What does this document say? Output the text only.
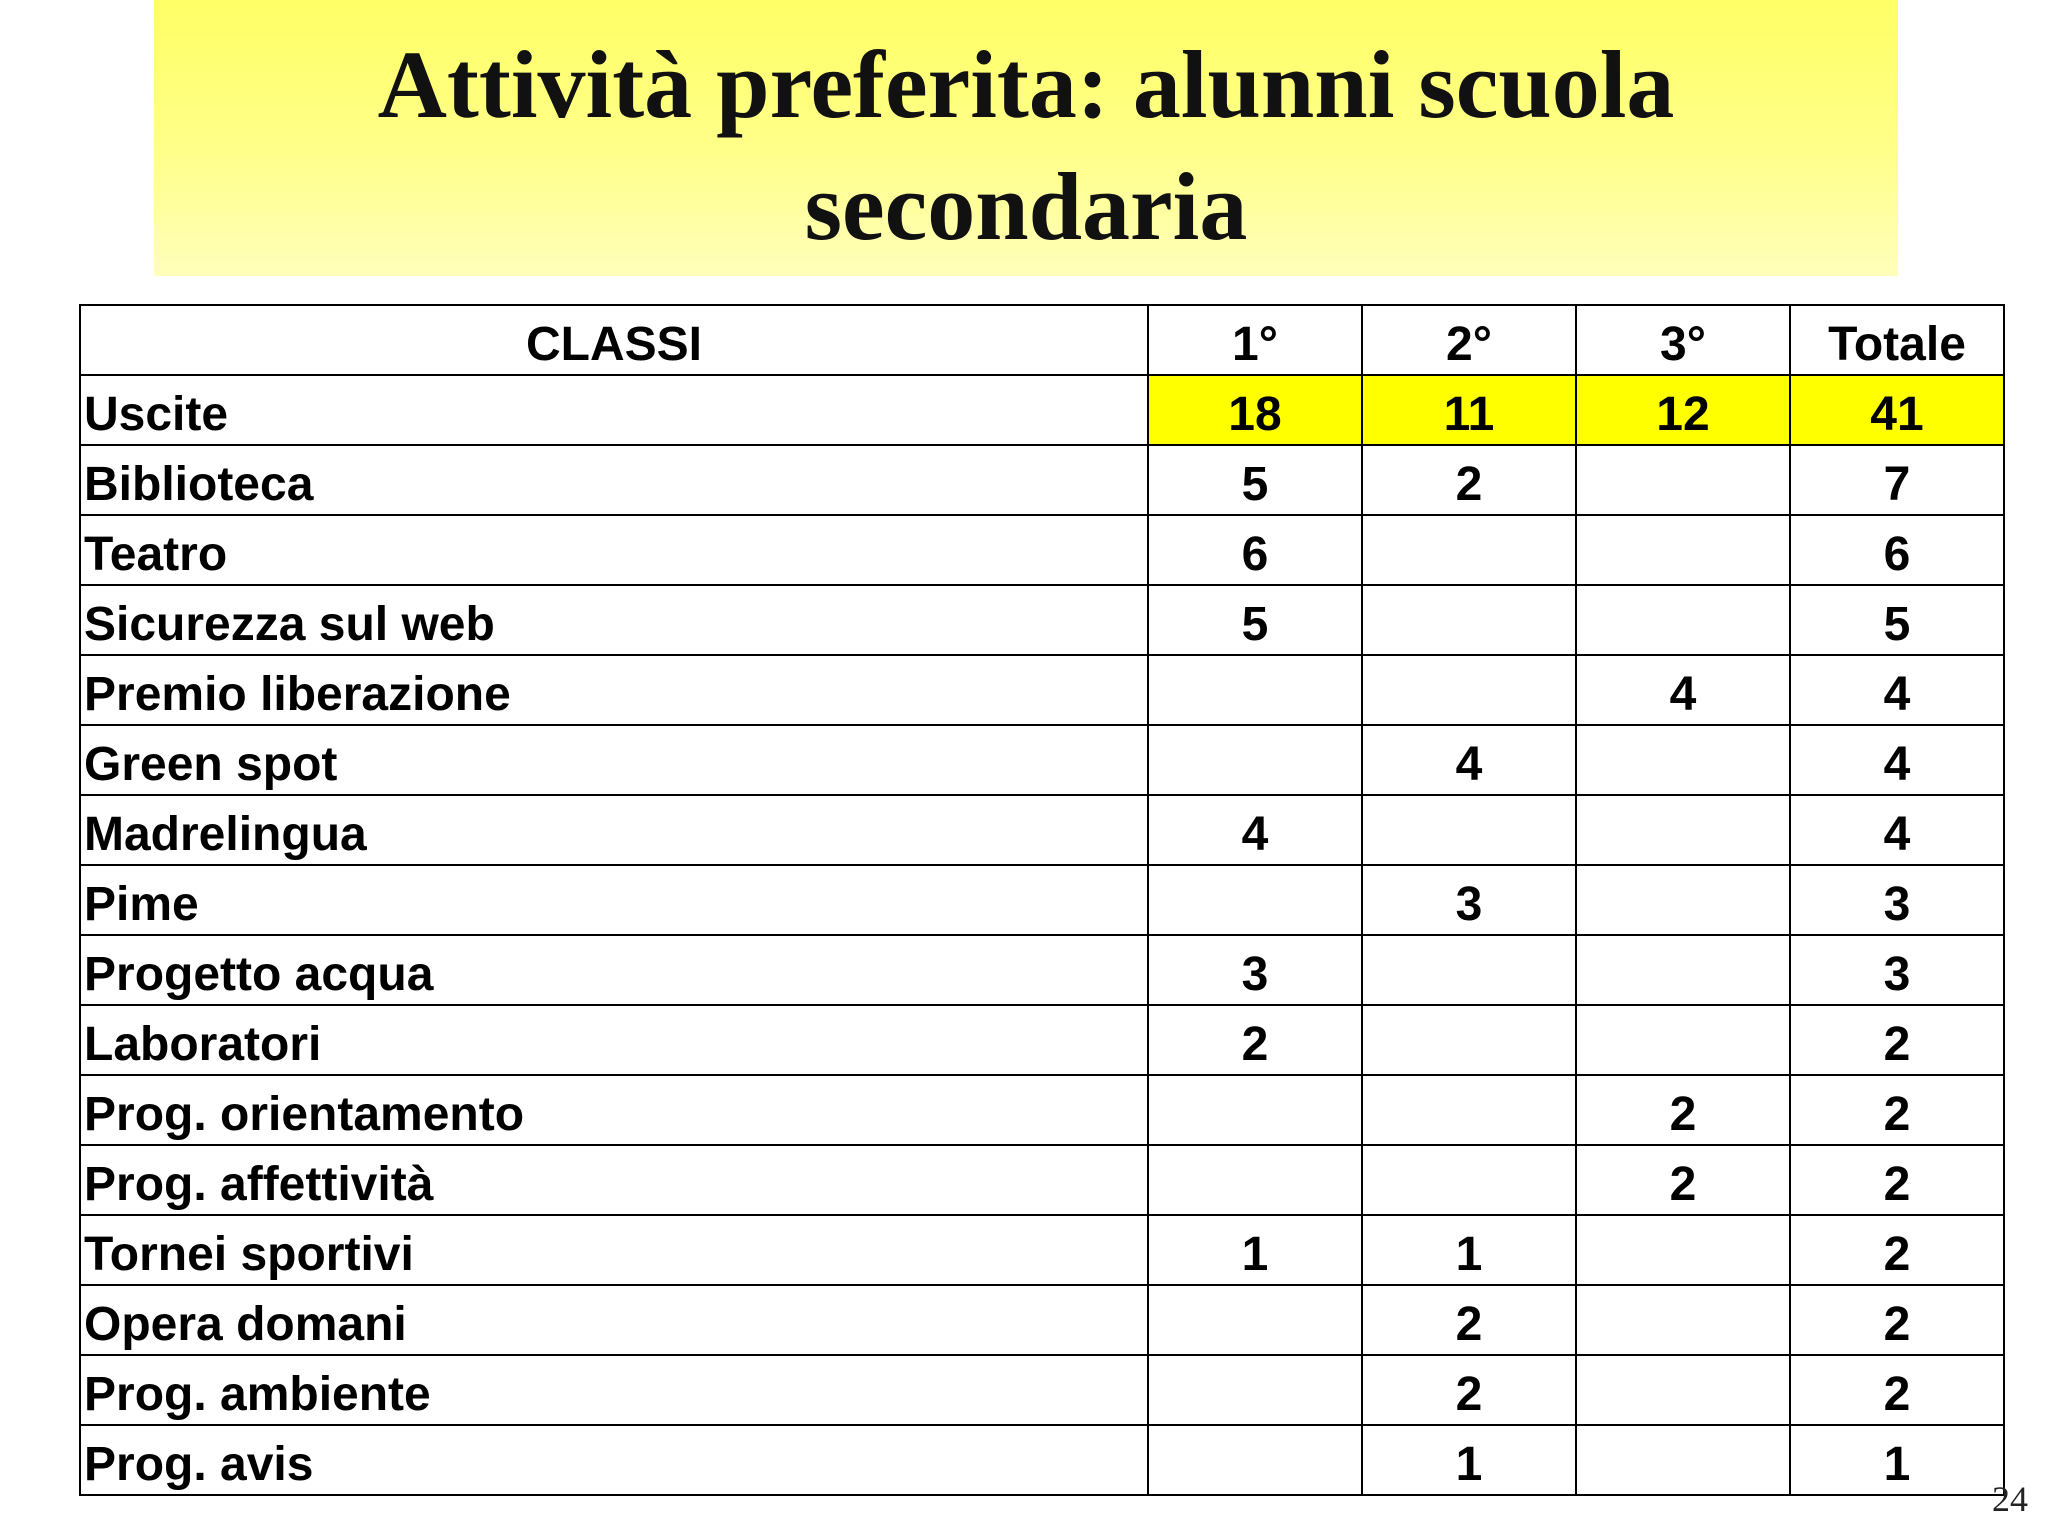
Attività preferita: alunni scuola
secondaria
CLASSI	1°	2°	3°	Totale
Uscite	18	11	12	41
Biblioteca	5	2		7
Teatro	6			6
Sicurezza sul web	5			5
Premio liberazione			4	4
Green spot		4		4
Madrelingua	4			4
Pime		3		3
Progetto acqua	3			3
Laboratori	2			2
Prog. orientamento			2	2
Prog. affettività			2	2
Tornei sportivi	1	1		2
Opera domani		2		2
Prog. ambiente		2		2
Prog. avis		1		1
24
